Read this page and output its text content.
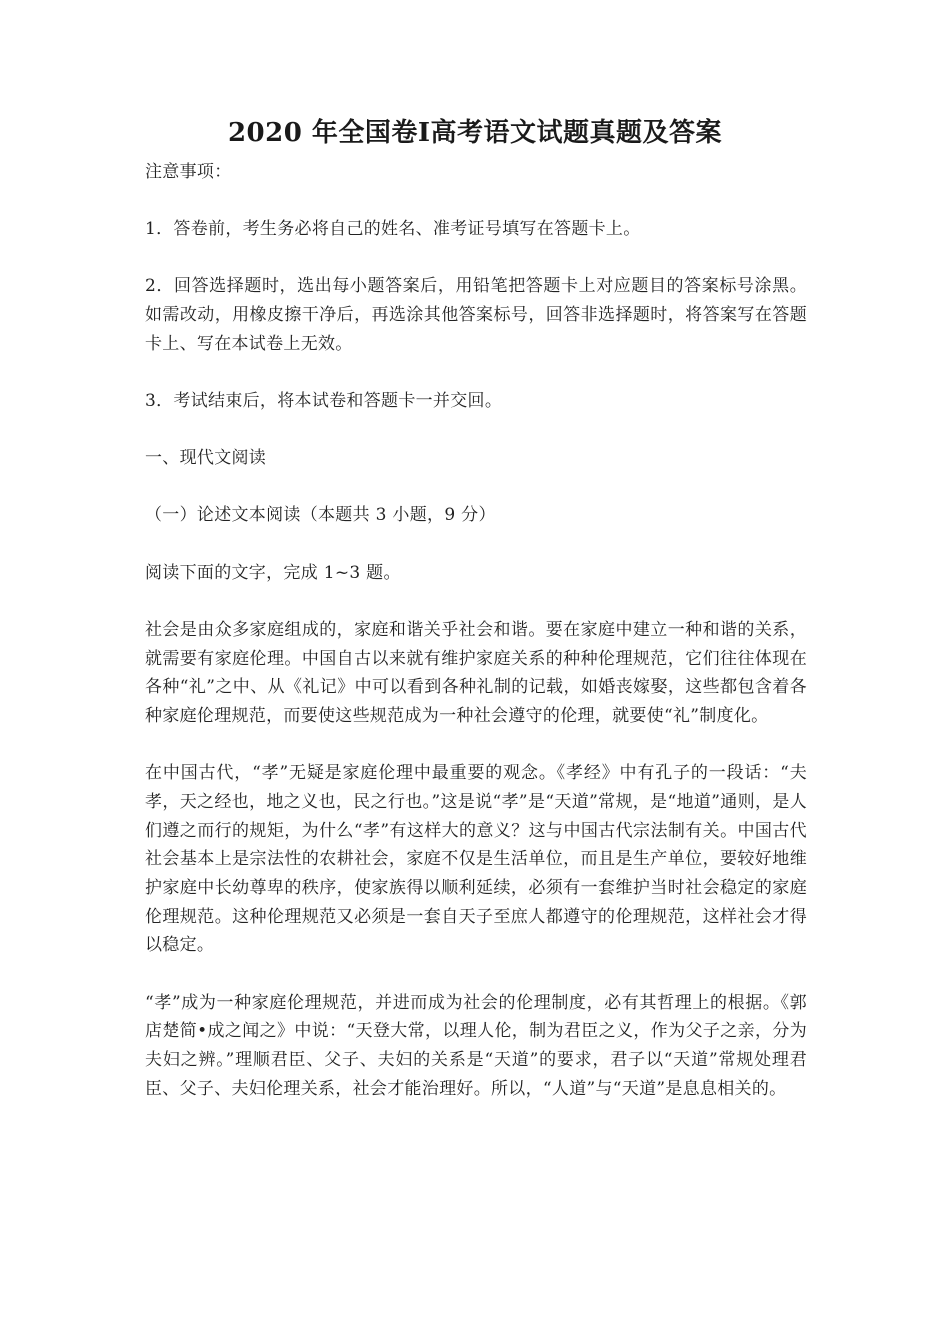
2020 年全国卷Ⅰ高考语文试题真题及答案

注意事项：

1．答卷前，考生务必将自己的姓名、准考证号填写在答题卡上。

2．回答选择题时，选出每小题答案后，用铅笔把答题卡上对应题目的答案标号涂黑。如需改动，用橡皮擦干净后，再选涂其他答案标号，回答非选择题时，将答案写在答题卡上、写在本试卷上无效。

3．考试结束后，将本试卷和答题卡一并交回。

一、现代文阅读

（一）论述文本阅读（本题共 3 小题，9 分）

阅读下面的文字，完成 1~3 题。

社会是由众多家庭组成的，家庭和谐关乎社会和谐。要在家庭中建立一种和谐的关系，就需要有家庭伦理。中国自古以来就有维护家庭关系的种种伦理规范，它们往往体现在各种“礼”之中、从《礼记》中可以看到各种礼制的记载，如婚丧嫁娶，这些都包含着各种家庭伦理规范，而要使这些规范成为一种社会遵守的伦理，就要使“礼”制度化。

在中国古代，“孝”无疑是家庭伦理中最重要的观念。《孝经》中有孔子的一段话：“夫孝，天之经也，地之义也，民之行也。”这是说“孝”是“天道”常规，是“地道”通则，是人们遵之而行的规矩，为什么“孝”有这样大的意义？这与中国古代宗法制有关。中国古代社会基本上是宗法性的农耕社会，家庭不仅是生活单位，而且是生产单位，要较好地维护家庭中长幼尊卑的秩序，使家族得以顺利延续，必须有一套维护当时社会稳定的家庭伦理规范。这种伦理规范又必须是一套自天子至庶人都遵守的伦理规范，这样社会才得以稳定。

“孝”成为一种家庭伦理规范，并进而成为社会的伦理制度，必有其哲理上的根据。《郭店楚简•成之闻之》中说：“天登大常，以理人伦，制为君臣之义，作为父子之亲，分为夫妇之辨。”理顺君臣、父子、夫妇的关系是“天道”的要求，君子以“天道”常规处理君臣、父子、夫妇伦理关系，社会才能治理好。所以，“人道”与“天道”是息息相关的。
